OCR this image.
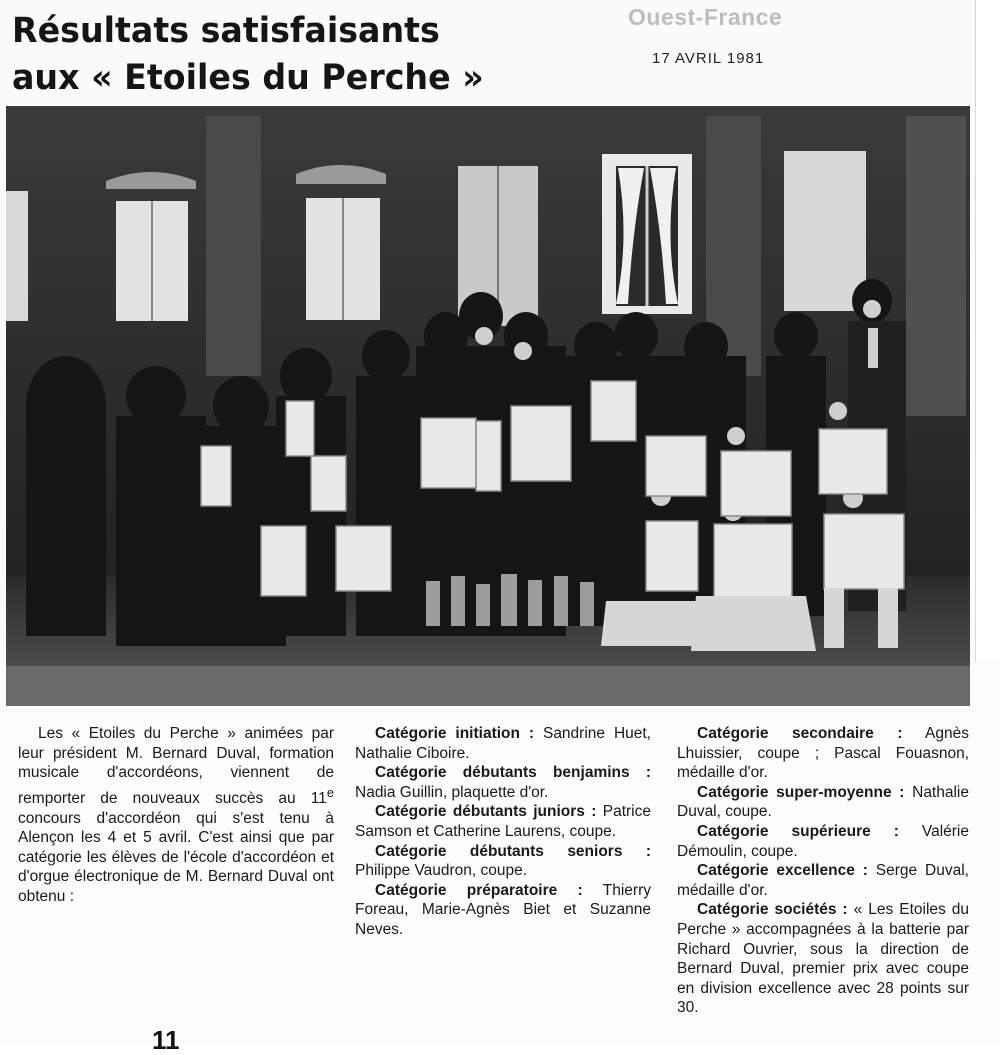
Résultats satisfaisants
aux « Etoiles du Perche »
Ouest-France
17 AVRIL 1981

Les « Etoiles du Perche » animées par leur président M. Bernard Duval, formation musicale d'accordéons, viennent de remporter de nouveaux succès au 11e concours d'accordéon qui s'est tenu à Alençon les 4 et 5 avril. C'est ainsi que par catégorie les élèves de l'école d'accordéon et d'orgue électronique de M. Bernard Duval ont obtenu :

Catégorie initiation : Sandrine Huet, Nathalie Ciboire.

Catégorie débutants benjamins : Nadia Guillin, plaquette d'or.

Catégorie débutants juniors : Patrice Samson et Catherine Laurens, coupe.

Catégorie débutants seniors : Philippe Vaudron, coupe.

Catégorie préparatoire : Thierry Foreau, Marie-Agnès Biet et Suzanne Neves.

Catégorie secondaire : Agnès Lhuissier, coupe ; Pascal Fouasnon, médaille d'or.

Catégorie super-moyenne : Nathalie Duval, coupe.

Catégorie supérieure : Valérie Démoulin, coupe.

Catégorie excellence : Serge Duval, médaille d'or.

Catégorie sociétés : « Les Etoiles du Perche » accompagnées à la batterie par Richard Ouvrier, sous la direction de Bernard Duval, premier prix avec coupe en division excellence avec 28 points sur 30.

11
